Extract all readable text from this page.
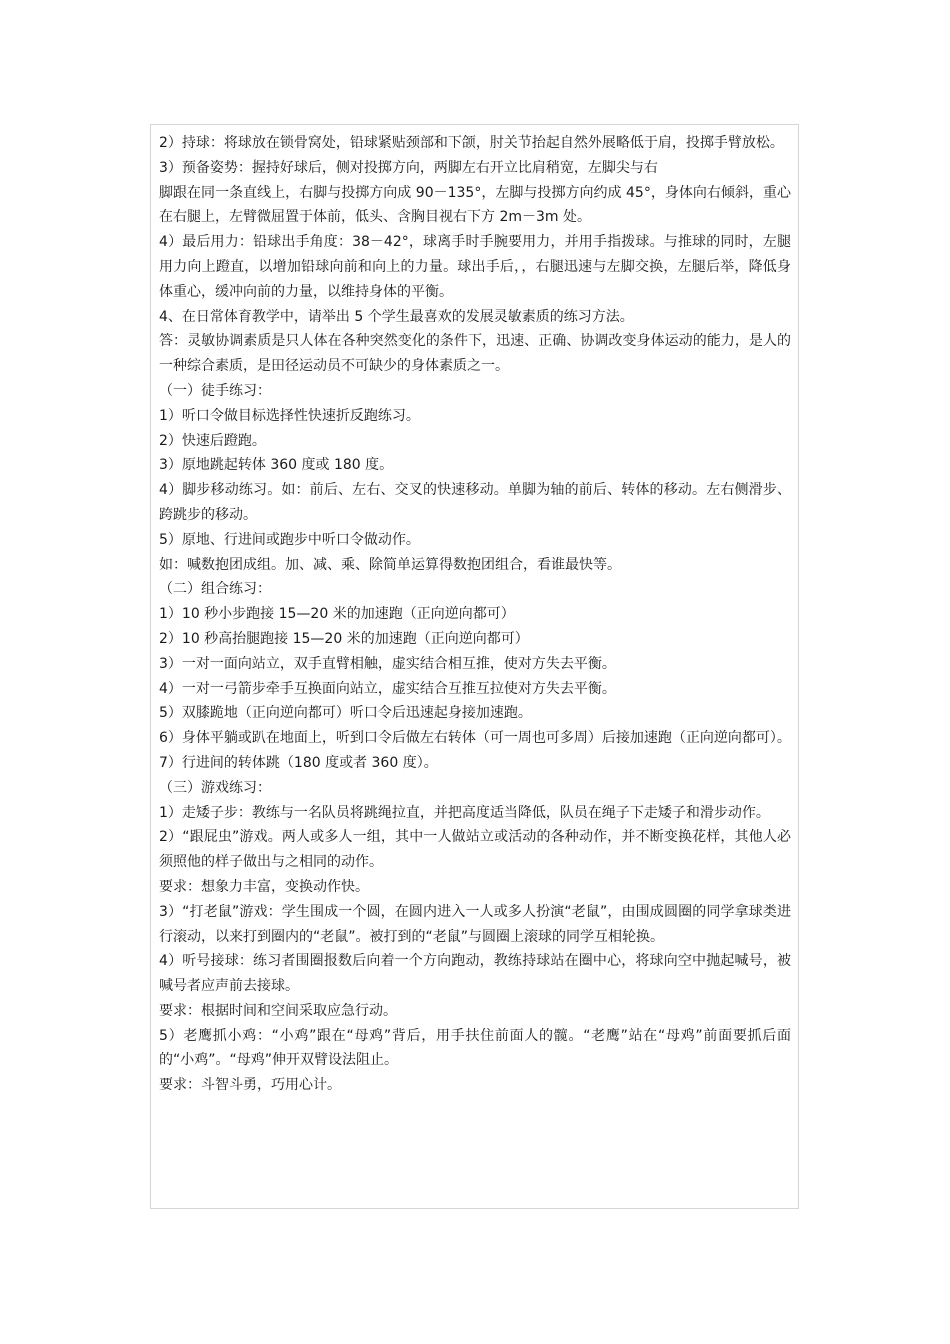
2）持球：将球放在锁骨窝处，铅球紧贴颈部和下颌，肘关节抬起自然外展略低于肩，投掷手臂放松。

3）预备姿势：握持好球后，侧对投掷方向，两脚左右开立比肩稍宽，左脚尖与右

脚跟在同一条直线上，右脚与投掷方向成 90－135°，左脚与投掷方向约成 45°，身体向右倾斜，重心在右腿上，左臂微屈置于体前，低头、含胸目视右下方 2m－3m 处。

4）最后用力：铅球出手角度：38－42°，球离手时手腕要用力，并用手指拨球。与推球的同时，左腿用力向上蹬直，以增加铅球向前和向上的力量。球出手后，，右腿迅速与左脚交换，左腿后举，降低身体重心，缓冲向前的力量，以维持身体的平衡。

4、在日常体育教学中，请举出 5 个学生最喜欢的发展灵敏素质的练习方法。

答：灵敏协调素质是只人体在各种突然变化的条件下，迅速、正确、协调改变身体运动的能力，是人的一种综合素质，是田径运动员不可缺少的身体素质之一。

（一）徒手练习：

1）听口令做目标选择性快速折反跑练习。

2）快速后蹬跑。

3）原地跳起转体 360 度或 180 度。

4）脚步移动练习。如：前后、左右、交叉的快速移动。单脚为轴的前后、转体的移动。左右侧滑步、跨跳步的移动。

5）原地、行进间或跑步中听口令做动作。

如：喊数抱团成组。加、减、乘、除简单运算得数抱团组合，看谁最快等。

（二）组合练习：

1）10 秒小步跑接 15—20 米的加速跑（正向逆向都可）

2）10 秒高抬腿跑接 15—20 米的加速跑（正向逆向都可）

3）一对一面向站立，双手直臂相触，虚实结合相互推，使对方失去平衡。

4）一对一弓箭步牵手互换面向站立，虚实结合互推互拉使对方失去平衡。

5）双膝跪地（正向逆向都可）听口令后迅速起身接加速跑。

6）身体平躺或趴在地面上，听到口令后做左右转体（可一周也可多周）后接加速跑（正向逆向都可）。

7）行进间的转体跳（180 度或者 360 度）。

（三）游戏练习：

1）走矮子步：教练与一名队员将跳绳拉直，并把高度适当降低，队员在绳子下走矮子和滑步动作。

2）“跟屁虫”游戏。两人或多人一组，其中一人做站立或活动的各种动作，并不断变换花样，其他人必须照他的样子做出与之相同的动作。

要求：想象力丰富，变换动作快。

3）“打老鼠”游戏：学生围成一个圆，在圆内进入一人或多人扮演“老鼠”，由围成圆圈的同学拿球类进行滚动，以来打到圈内的“老鼠”。被打到的“老鼠”与圆圈上滚球的同学互相轮换。

4）听号接球：练习者围圈报数后向着一个方向跑动，教练持球站在圈中心，将球向空中抛起喊号，被喊号者应声前去接球。

要求：根据时间和空间采取应急行动。

5）老鹰抓小鸡：“小鸡”跟在“母鸡”背后，用手扶住前面人的髋。“老鹰”站在“母鸡”前面要抓后面的“小鸡”。“母鸡”伸开双臂设法阻止。

要求：斗智斗勇，巧用心计。
